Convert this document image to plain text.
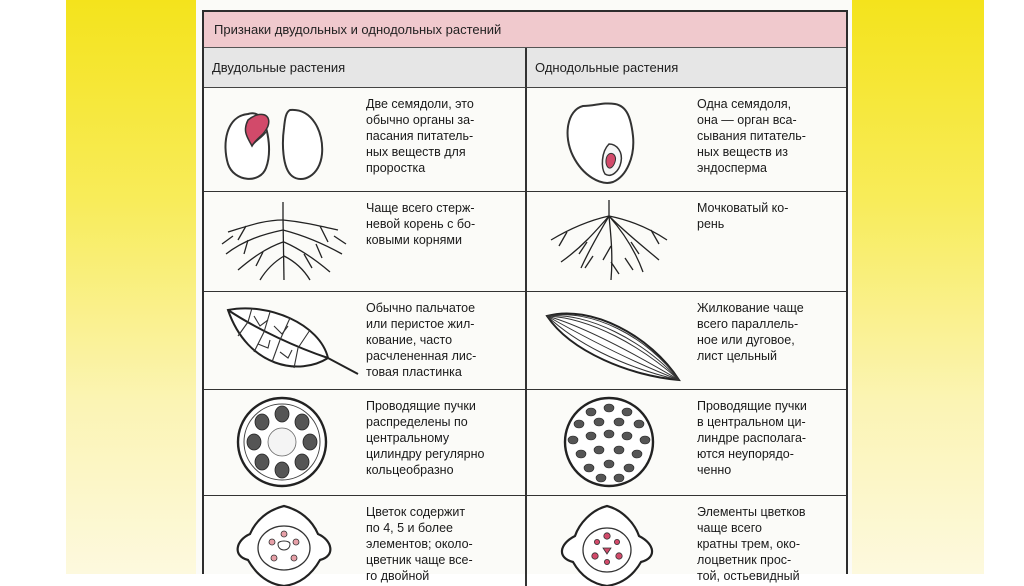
Признаки двудольных и однодольных растений
Двудольные растения	Однодольные растения
Две семядоли, это
обычно органы за-
пасания питатель-
ных веществ для
проростка
Одна семядоля,
она — орган вса-
сывания питатель-
ных веществ из
эндосперма
Чаще всего стерж-
невой корень с бо-
ковыми корнями
Мочковатый ко-
рень
Обычно пальчатое
или перистое жил-
кование, часто
расчлененная лис-
товая пластинка
Жилкование чаще
всего параллель-
ное или дуговое,
лист цельный
Проводящие пучки
распределены по
центральному
цилиндру регулярно
кольцеобразно
Проводящие пучки
в центральном ци-
линдре располага-
ются неупорядо-
ченно
Цветок содержит
по 4, 5 и более
элементов; около-
цветник чаще все-
го двойной
Элементы цветков
чаще всего
кратны трем, око-
лоцветник прос-
той, остьевидный
